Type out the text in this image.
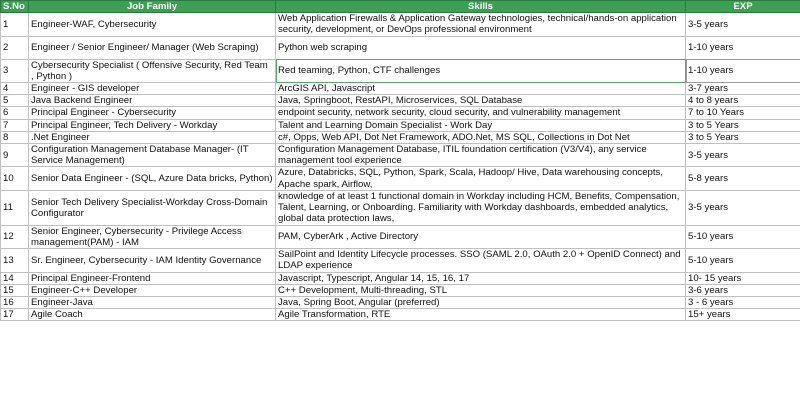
S.No	Job Family	Skills	EXP
1	Engineer-WAF, Cybersecurity	Web Application Firewalls & Application Gateway technologies, technical/hands-on application security, development, or DevOps professional environment	3-5 years
2	Engineer / Senior Engineer/ Manager (Web Scraping)	Python web scraping	1-10 years
3	Cybersecurity Specialist ( Offensive Security, Red Team , Python )	Red teaming, Python, CTF challenges	1-10 years
4	Engineer - GIS developer	ArcGIS API, Javascript	3-7 years
5	Java Backend Engineer	Java, Springboot, RestAPI, Microservices, SQL Database	4 to 8 years
6	Principal Engineer - Cybersecurity	endpoint security, network security, cloud security, and vulnerability management	7 to 10 Years
7	Principal Engineer, Tech Delivery - Workday	Talent and Learning Domain Specialist - Work Day	3 to 5 Years
8	.Net Engineer	c#, Opps, Web API, Dot Net Framework, ADO.Net, MS SQL, Collections in Dot Net	3 to 5 Years
9	Configuration Management Database Manager- (IT Service Management)	Configuration Management Database, ITIL foundation certification (V3/V4), any service management tool experience	3-5 years
10	Senior Data Engineer - (SQL, Azure Data bricks, Python)	Azure, Databricks, SQL, Python, Spark, Scala, Hadoop/ Hive, Data warehousing concepts, Apache spark, Airflow,	5-8 years
11	Senior Tech Delivery Specialist-Workday Cross-Domain Configurator	knowledge of at least 1 functional domain in Workday including HCM, Benefits, Compensation, Talent, Learning, or Onboarding. Familiarity with Workday dashboards, embedded analytics, global data protection laws,	3-5 years
12	Senior Engineer, Cybersecurity - Privilege Access management(PAM) - IAM	PAM, CyberArk , Active Directory	5-10 years
13	Sr. Engineer, Cybersecurity - IAM Identity Governance	SailPoint and Identity Lifecycle processes. SSO (SAML 2.0, OAuth 2.0 + OpenID Connect) and LDAP experience	5-10 years
14	Principal Engineer-Frontend	Javascript, Typescript, Angular 14, 15, 16, 17	10- 15 years
15	Engineer-C++ Developer	C++ Development, Multi-threading, STL	3-6 years
16	Engineer-Java	Java, Spring Boot, Angular (preferred)	3 - 6 years
17	Agile Coach	Agile Transformation, RTE	15+ years
